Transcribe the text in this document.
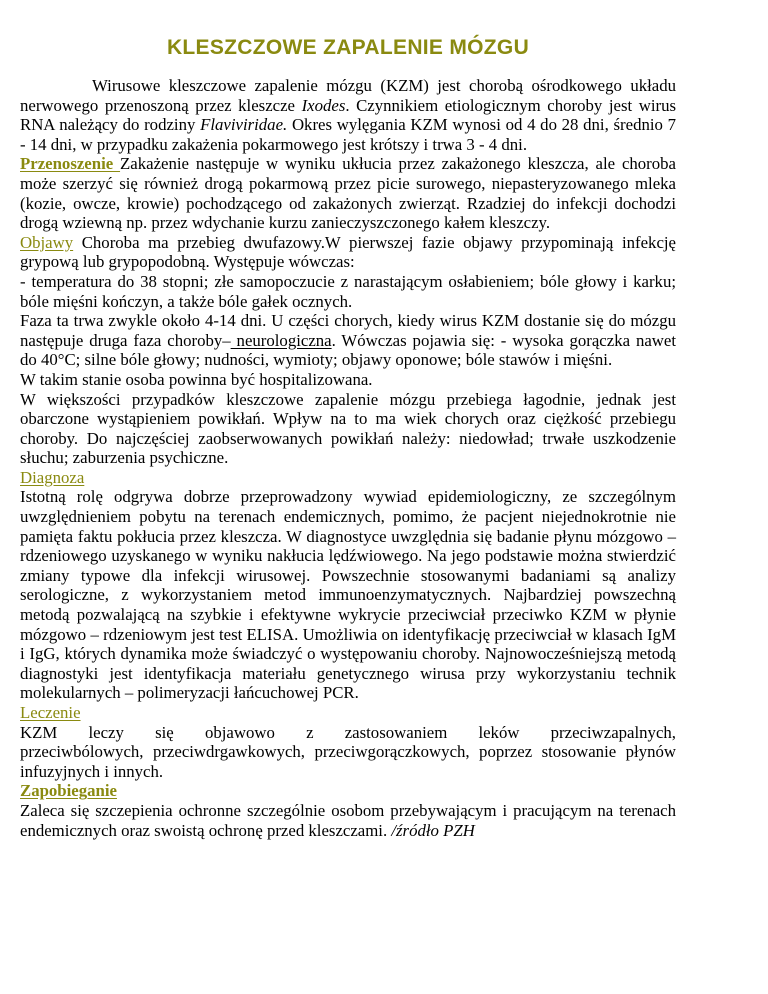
KLESZCZOWE ZAPALENIE MÓZGU

Wirusowe kleszczowe zapalenie mózgu (KZM) jest chorobą ośrodkowego układu nerwowego przenoszoną przez kleszcze Ixodes. Czynnikiem etiologicznym choroby jest wirus RNA należący do rodziny Flaviviridae. Okres wylęgania KZM wynosi od 4 do 28 dni, średnio 7 - 14 dni, w przypadku zakażenia pokarmowego jest krótszy i trwa 3 - 4 dni.

Przenoszenie Zakażenie następuje w wyniku ukłucia przez zakażonego kleszcza, ale choroba może szerzyć się również drogą pokarmową przez picie surowego, niepasteryzowanego mleka (kozie, owcze, krowie) pochodzącego od zakażonych zwierząt. Rzadziej do infekcji dochodzi drogą wziewną np. przez wdychanie kurzu zanieczyszczonego kałem kleszczy.

Objawy Choroba ma przebieg dwufazowy.W pierwszej fazie objawy przypominają infekcję grypową lub grypopodobną. Występuje wówczas:

- temperatura do 38 stopni; złe samopoczucie z narastającym osłabieniem; bóle głowy i karku; bóle mięśni kończyn, a także bóle gałek ocznych.

Faza ta trwa zwykle około 4-14 dni. U części chorych, kiedy wirus KZM dostanie się do mózgu następuje druga faza choroby– neurologiczna. Wówczas pojawia się: - wysoka gorączka nawet do 40°C; silne bóle głowy; nudności, wymioty; objawy oponowe; bóle stawów i mięśni.

W takim stanie osoba powinna być hospitalizowana.

W większości przypadków kleszczowe zapalenie mózgu przebiega łagodnie, jednak jest obarczone wystąpieniem powikłań. Wpływ na to ma wiek chorych oraz ciężkość przebiegu choroby. Do najczęściej zaobserwowanych powikłań należy: niedowład; trwałe uszkodzenie słuchu; zaburzenia psychiczne.

Diagnoza

Istotną rolę odgrywa dobrze przeprowadzony wywiad epidemiologiczny, ze szczególnym uwzględnieniem pobytu na terenach endemicznych, pomimo, że pacjent niejednokrotnie nie pamięta faktu pokłucia przez kleszcza. W diagnostyce uwzględnia się badanie płynu mózgowo – rdzeniowego uzyskanego w wyniku nakłucia lędźwiowego. Na jego podstawie można stwierdzić zmiany typowe dla infekcji wirusowej. Powszechnie stosowanymi badaniami są analizy serologiczne, z wykorzystaniem metod immunoenzymatycznych. Najbardziej powszechną metodą pozwalającą na szybkie i efektywne wykrycie przeciwciał przeciwko KZM w płynie mózgowo – rdzeniowym jest test ELISA. Umożliwia on identyfikację przeciwciał w klasach IgM i IgG, których dynamika może świadczyć o występowaniu choroby. Najnowocześniejszą metodą diagnostyki jest identyfikacja materiału genetycznego wirusa przy wykorzystaniu technik molekularnych – polimeryzacji łańcuchowej PCR.

Leczenie

KZM leczy się objawowo z zastosowaniem leków przeciwzapalnych,

przeciwbólowych, przeciwdrgawkowych, przeciwgorączkowych, poprzez stosowanie płynów infuzyjnych i innych.

Zapobieganie

Zaleca się szczepienia ochronne szczególnie osobom przebywającym i pracującym na terenach endemicznych oraz swoistą ochronę przed kleszczami. /źródło PZH
